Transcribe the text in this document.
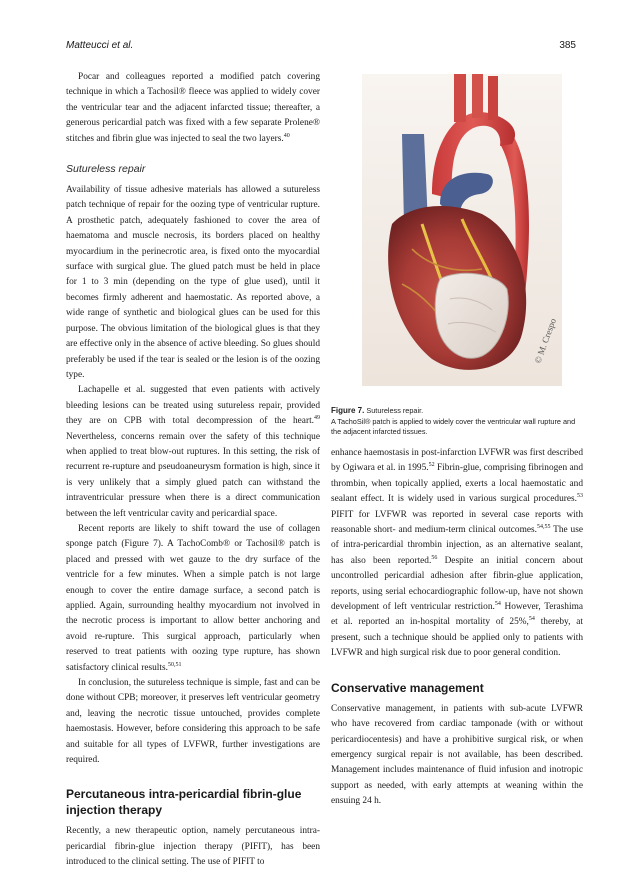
Matteucci et al.	385

Pocar and colleagues reported a modified patch covering technique in which a Tachosil® fleece was applied to widely cover the ventricular tear and the adjacent infarcted tissue; thereafter, a generous pericardial patch was fixed with a few separate Prolene® stitches and fibrin glue was injected to seal the two layers.$^{40}$

Sutureless repair

Availability of tissue adhesive materials has allowed a sutureless patch technique of repair for the oozing type of ventricular rupture. A prosthetic patch, adequately fashioned to cover the area of haematoma and muscle necrosis, its borders placed on healthy myocardium in the perinecrotic area, is fixed onto the myocardial surface with surgical glue. The glued patch must be held in place for 1 to 3 min (depending on the type of glue used), until it becomes firmly adherent and haemostatic. As reported above, a wide range of synthetic and biological glues can be used for this purpose. The obvious limitation of the biological glues is that they are effective only in the absence of active bleeding. So glues should preferably be used if the tear is sealed or the lesion is of the oozing type.

Lachapelle et al. suggested that even patients with actively bleeding lesions can be treated using sutureless repair, provided they are on CPB with total decompression of the heart.$^{49}$ Nevertheless, concerns remain over the safety of this technique when applied to treat blow-out ruptures. In this setting, the risk of recurrent re-rupture and pseudoaneurysm formation is high, since it is very unlikely that a simply glued patch can withstand the intraventricular pressure when there is a direct communication between the left ventricular cavity and pericardial space.

Recent reports are likely to shift toward the use of collagen sponge patch (Figure 7). A TachoComb® or Tachosil® patch is placed and pressed with wet gauze to the dry surface of the ventricle for a few minutes. When a simple patch is not large enough to cover the entire damage surface, a second patch is applied. Again, surrounding healthy myocardium not involved in the necrotic process is important to allow better anchoring and avoid re-rupture. This surgical approach, particularly when reserved to treat patients with oozing type rupture, has shown satisfactory clinical results.$^{50,51}$

In conclusion, the sutureless technique is simple, fast and can be done without CPB; moreover, it preserves left ventricular geometry and, leaving the necrotic tissue untouched, provides complete haemostasis. However, before considering this approach to be safe and suitable for all types of LVFWR, further investigations are required.

Percutaneous intra-pericardial fibrin-glue injection therapy

Recently, a new therapeutic option, namely percutaneous intra-pericardial fibrin-glue injection therapy (PIFIT), has been introduced to the clinical setting. The use of PIFIT to

© M. Crespo
Figure 7. Sutureless repair.
A TachoSil® patch is applied to widely cover the ventricular wall rupture and the adjacent infarcted tissues.

enhance haemostasis in post-infarction LVFWR was first described by Ogiwara et al. in 1995.52 Fibrin-glue, comprising fibrinogen and thrombin, when topically applied, exerts a local haemostatic and sealant effect. It is widely used in various surgical procedures.$^{53}$ PIFIT for LVFWR was reported in several case reports with reasonable short- and medium-term clinical outcomes.$^{54,55}$ The use of intra-pericardial thrombin injection, as an alternative sealant, has also been reported.$^{56}$ Despite an initial concern about uncontrolled pericardial adhesion after fibrin-glue application, reports, using serial echocardiographic follow-up, have not shown development of left ventricular restriction.$^{54}$ However, Terashima et al. reported an in-hospital mortality of 25%,$^{54}$ thereby, at present, such a technique should be applied only to patients with LVFWR and high surgical risk due to poor general condition.

Conservative management

Conservative management, in patients with sub-acute LVFWR who have recovered from cardiac tamponade (with or without pericardiocentesis) and have a prohibitive surgical risk, or when emergency surgical repair is not available, has been described. Management includes maintenance of fluid infusion and inotropic support as needed, with early attempts at weaning within the ensuing 24 h.
